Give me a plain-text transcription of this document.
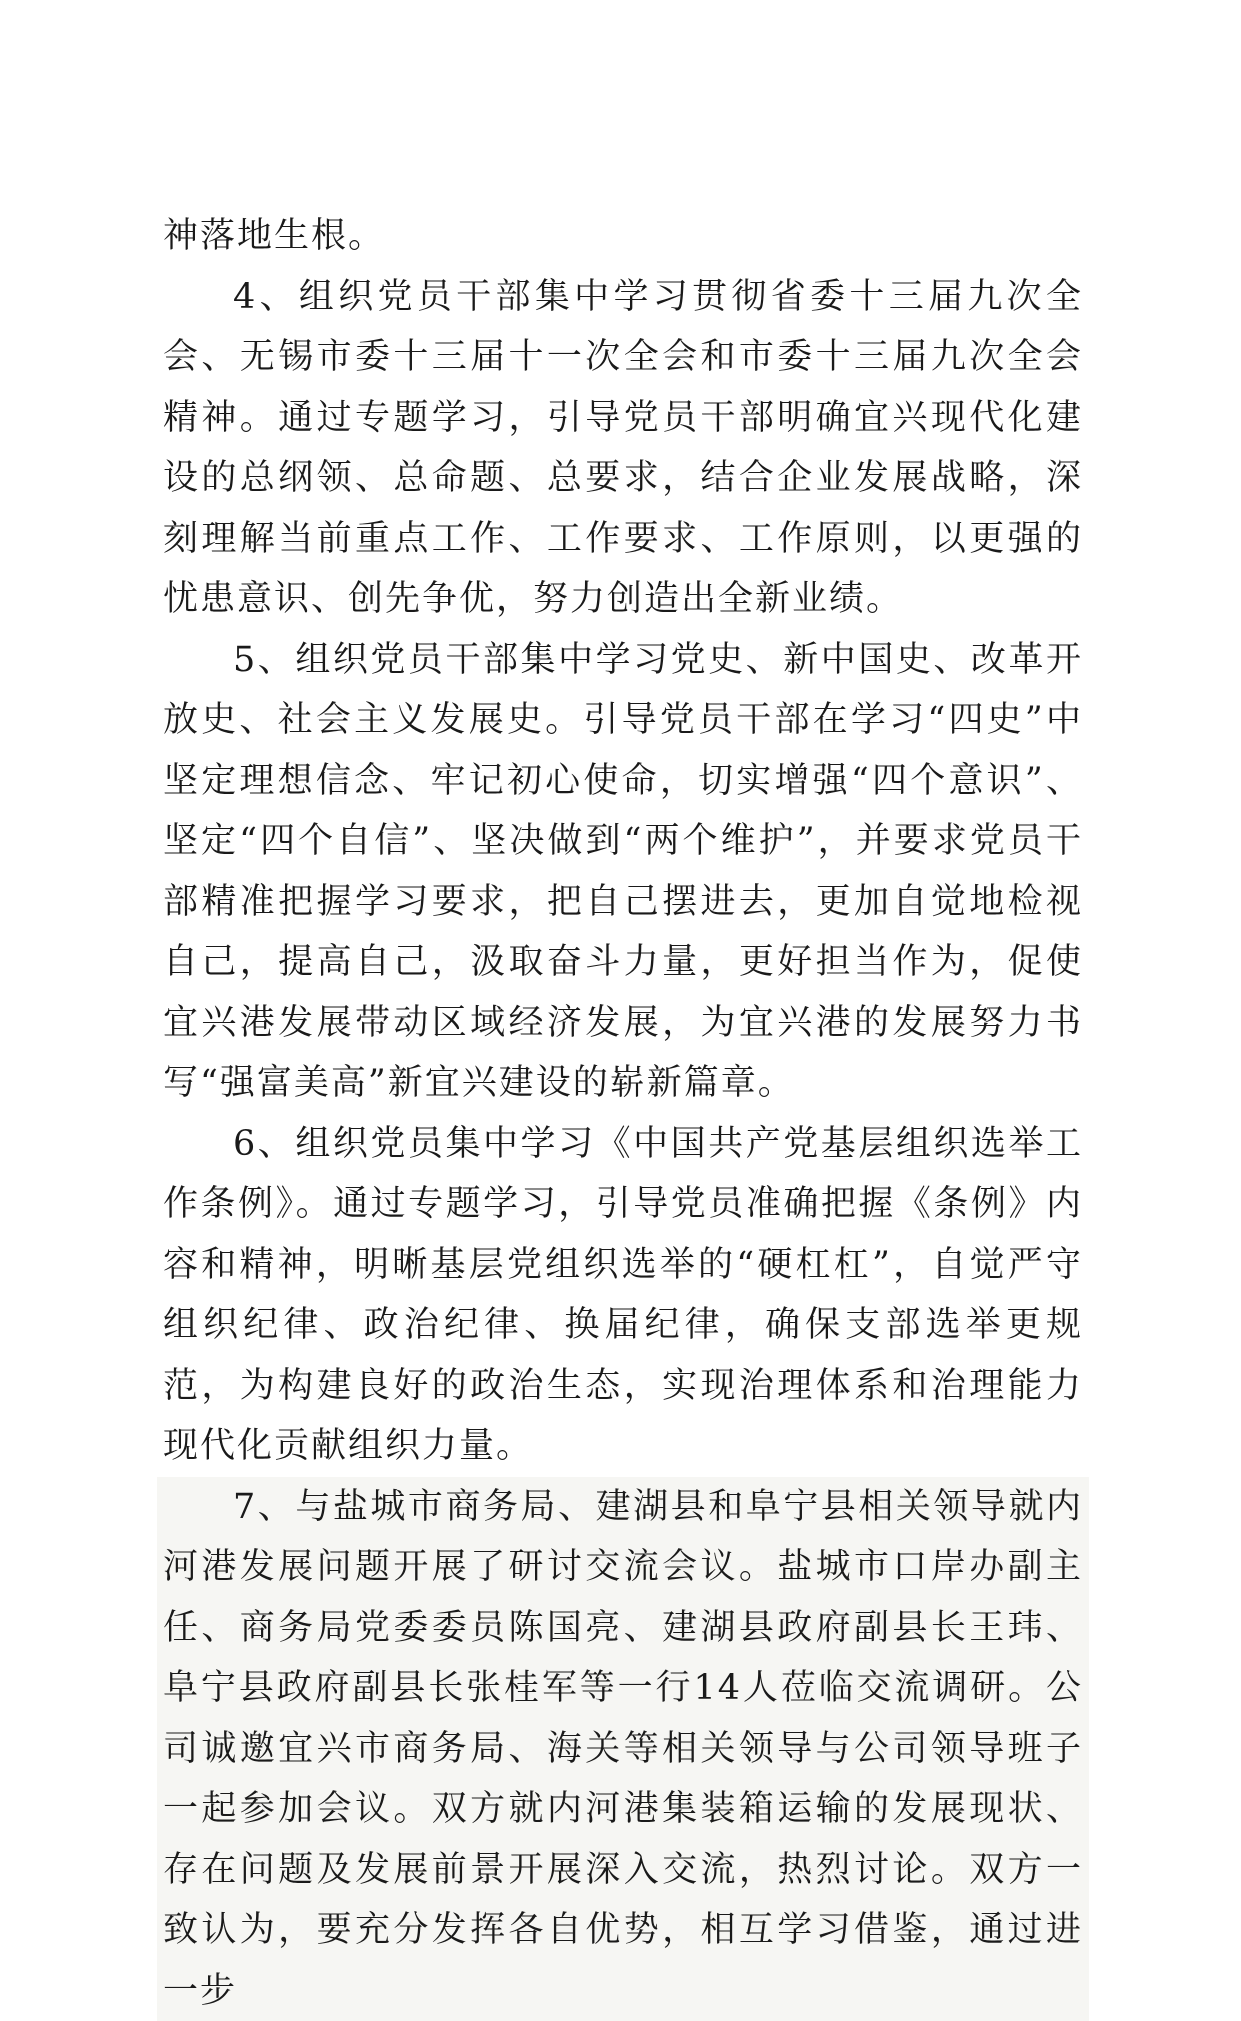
神落地生根。

4、组织党员干部集中学习贯彻省委十三届九次全会、无锡市委十三届十一次全会和市委十三届九次全会精神。通过专题学习，引导党员干部明确宜兴现代化建设的总纲领、总命题、总要求，结合企业发展战略，深刻理解当前重点工作、工作要求、工作原则，以更强的忧患意识、创先争优，努力创造出全新业绩。

5、组织党员干部集中学习党史、新中国史、改革开放史、社会主义发展史。引导党员干部在学习“四史”中坚定理想信念、牢记初心使命，切实增强“四个意识”、坚定“四个自信”、坚决做到“两个维护”，并要求党员干部精准把握学习要求，把自己摆进去，更加自觉地检视自己，提高自己，汲取奋斗力量，更好担当作为，促使宜兴港发展带动区域经济发展，为宜兴港的发展努力书写“强富美高”新宜兴建设的崭新篇章。

6、组织党员集中学习《中国共产党基层组织选举工作条例》。通过专题学习，引导党员准确把握《条例》内容和精神，明晰基层党组织选举的“硬杠杠”，自觉严守组织纪律、政治纪律、换届纪律，确保支部选举更规范，为构建良好的政治生态，实现治理体系和治理能力现代化贡献组织力量。

7、与盐城市商务局、建湖县和阜宁县相关领导就内河港发展问题开展了研讨交流会议。盐城市口岸办副主任、商务局党委委员陈国亮、建湖县政府副县长王玮、阜宁县政府副县长张桂军等一行14人莅临交流调研。公司诚邀宜兴市商务局、海关等相关领导与公司领导班子一起参加会议。双方就内河港集装箱运输的发展现状、存在问题及发展前景开展深入交流，热烈讨论。双方一致认为，要充分发挥各自优势，相互学习借鉴，通过进一步
